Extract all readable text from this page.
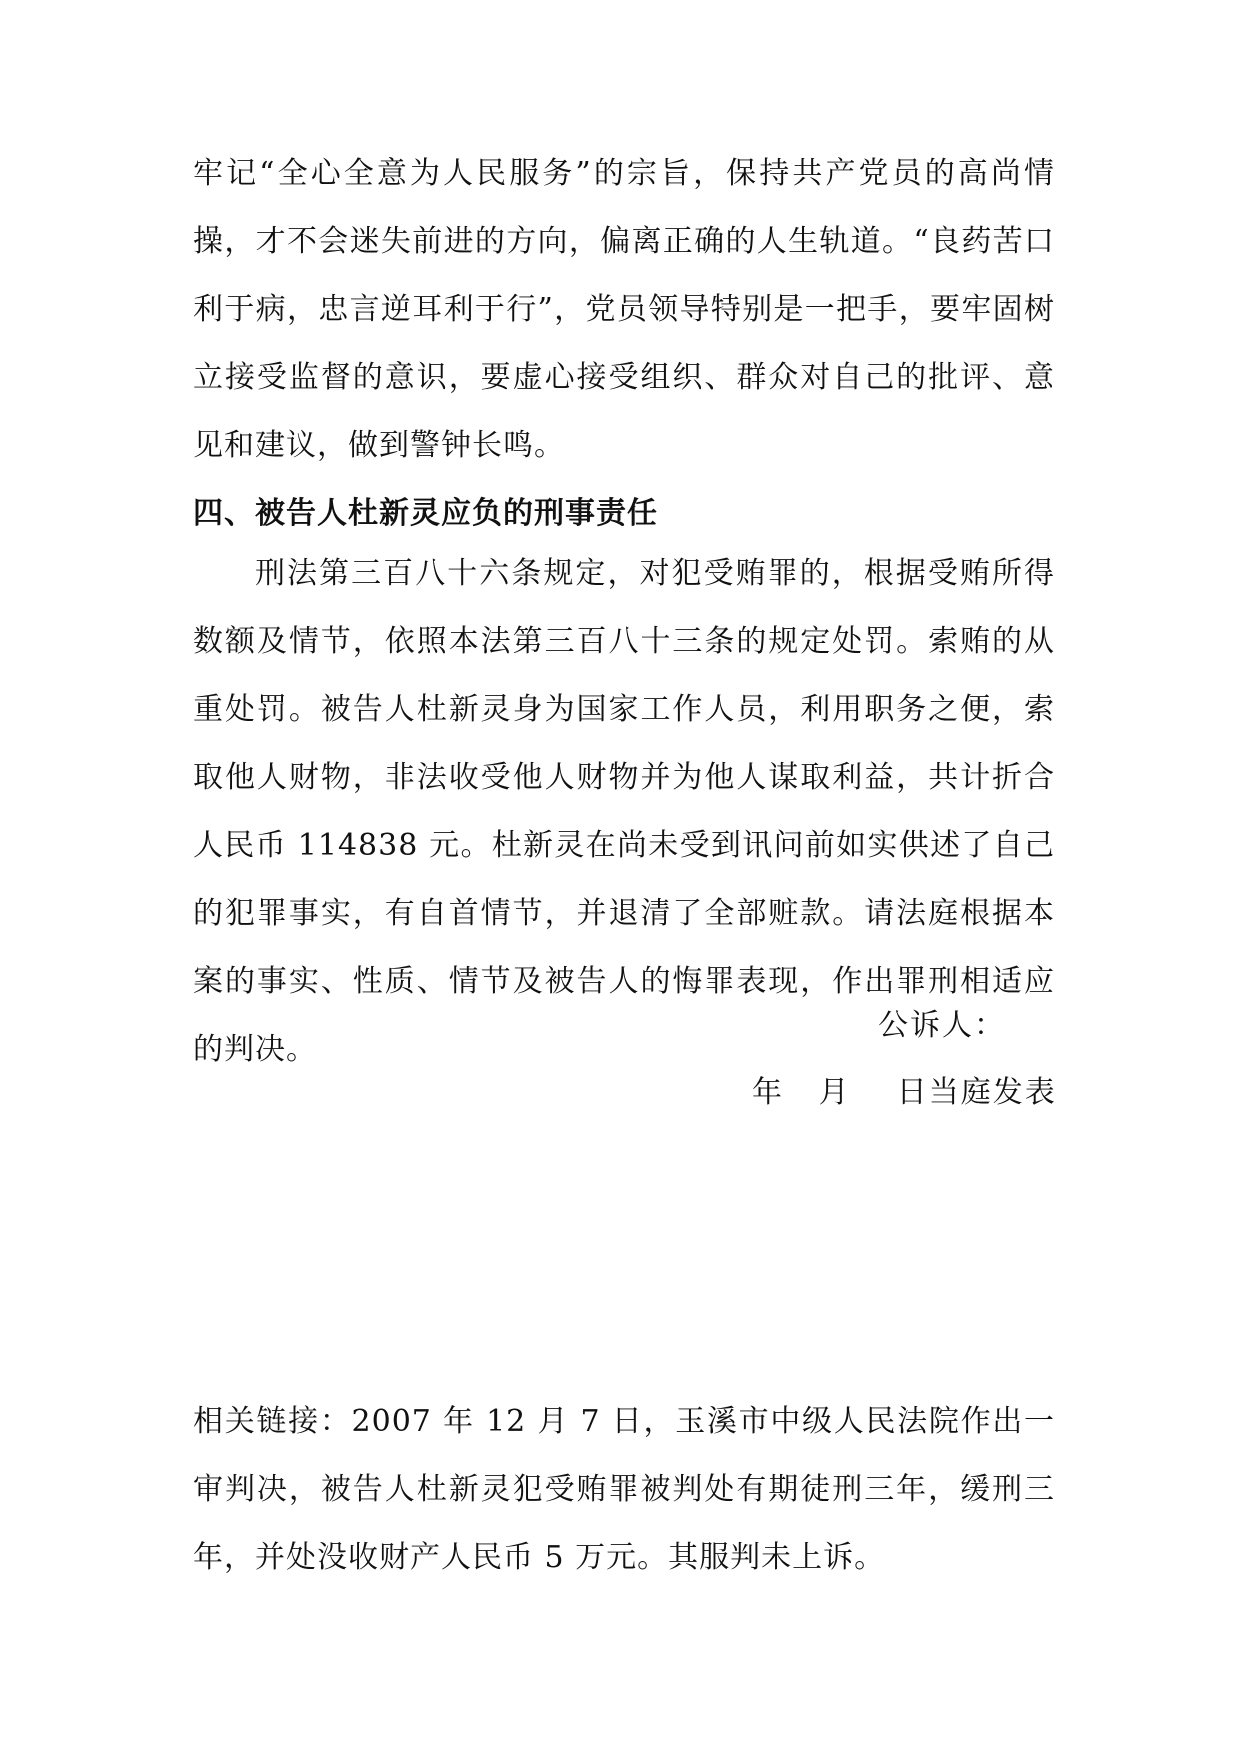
牢记“全心全意为人民服务”的宗旨，保持共产党员的高尚情操，才不会迷失前进的方向，偏离正确的人生轨道。“良药苦口利于病，忠言逆耳利于行”，党员领导特别是一把手，要牢固树立接受监督的意识，要虚心接受组织、群众对自己的批评、意见和建议，做到警钟长鸣。

四、被告人杜新灵应负的刑事责任

刑法第三百八十六条规定，对犯受贿罪的，根据受贿所得数额及情节，依照本法第三百八十三条的规定处罚。索贿的从重处罚。被告人杜新灵身为国家工作人员，利用职务之便，索取他人财物，非法收受他人财物并为他人谋取利益，共计折合人民币 114838 元。杜新灵在尚未受到讯问前如实供述了自己的犯罪事实，有自首情节，并退清了全部赃款。请法庭根据本案的事实、性质、情节及被告人的悔罪表现，作出罪刑相适应的判决。

公诉人：
年   月    日当庭发表

相关链接：2007 年 12 月 7 日，玉溪市中级人民法院作出一审判决，被告人杜新灵犯受贿罪被判处有期徒刑三年，缓刑三年，并处没收财产人民币 5 万元。其服判未上诉。
